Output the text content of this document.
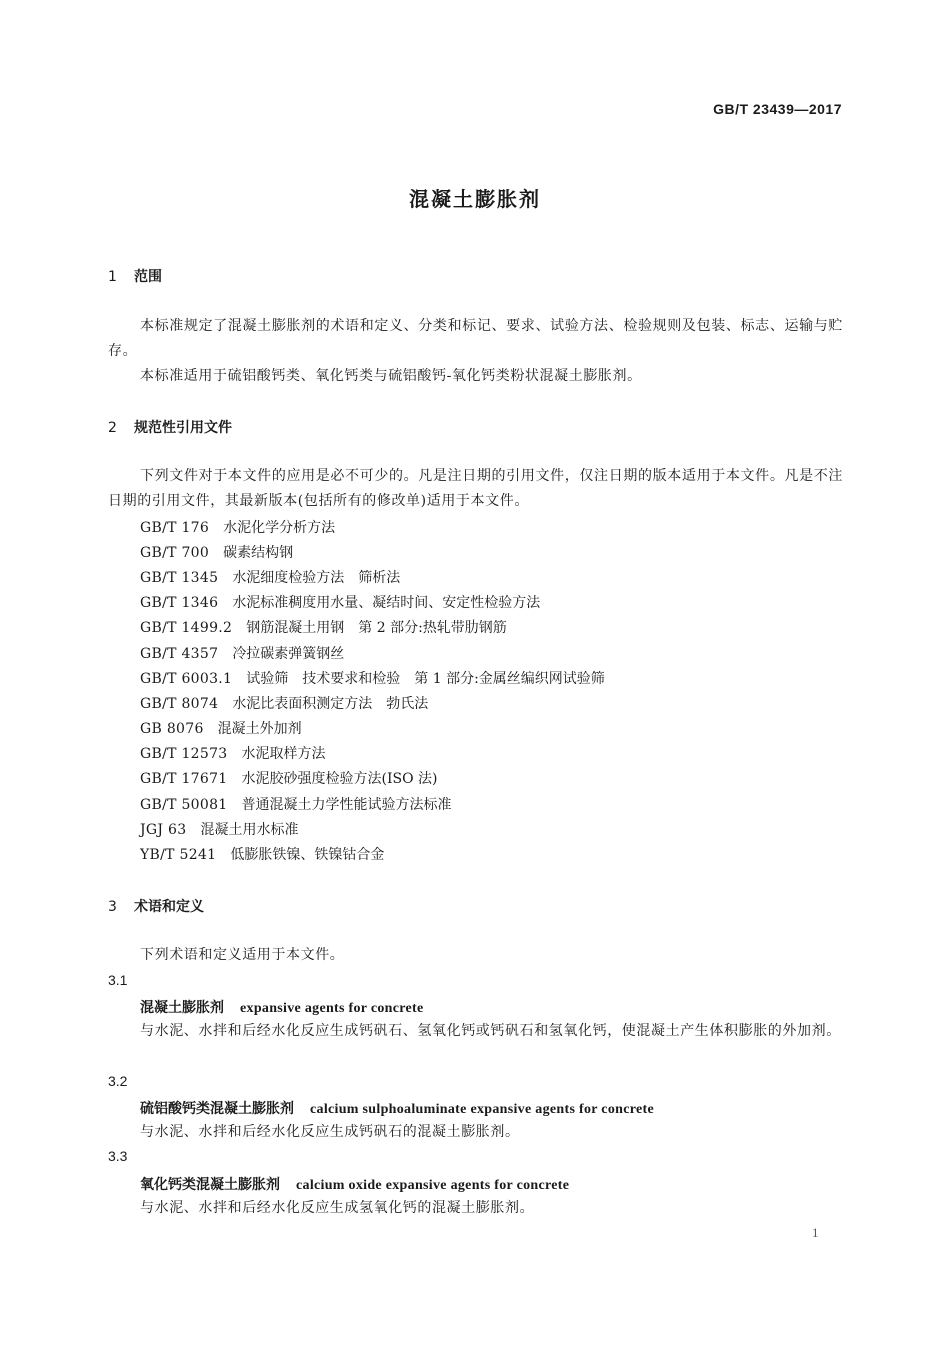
GB/T 23439—2017
混凝土膨胀剂
1 范围
本标准规定了混凝土膨胀剂的术语和定义、分类和标记、要求、试验方法、检验规则及包装、标志、运输与贮存。
本标准适用于硫铝酸钙类、氧化钙类与硫铝酸钙-氧化钙类粉状混凝土膨胀剂。
2 规范性引用文件
下列文件对于本文件的应用是必不可少的。凡是注日期的引用文件，仅注日期的版本适用于本文件。凡是不注日期的引用文件，其最新版本(包括所有的修改单)适用于本文件。
GB/T 176 水泥化学分析方法
GB/T 700 碳素结构钢
GB/T 1345 水泥细度检验方法　筛析法
GB/T 1346 水泥标准稠度用水量、凝结时间、安定性检验方法
GB/T 1499.2 钢筋混凝土用钢　第 2 部分:热轧带肋钢筋
GB/T 4357 冷拉碳素弹簧钢丝
GB/T 6003.1 试验筛　技术要求和检验　第 1 部分:金属丝编织网试验筛
GB/T 8074 水泥比表面积测定方法　勃氏法
GB 8076 混凝土外加剂
GB/T 12573 水泥取样方法
GB/T 17671 水泥胶砂强度检验方法(ISO 法)
GB/T 50081 普通混凝土力学性能试验方法标准
JGJ 63 混凝土用水标准
YB/T 5241 低膨胀铁镍、铁镍钴合金
3 术语和定义
下列术语和定义适用于本文件。
3.1
混凝土膨胀剂 expansive agents for concrete
与水泥、水拌和后经水化反应生成钙矾石、氢氧化钙或钙矾石和氢氧化钙，使混凝土产生体积膨胀的外加剂。
3.2
硫铝酸钙类混凝土膨胀剂 calcium sulphoaluminate expansive agents for concrete
与水泥、水拌和后经水化反应生成钙矾石的混凝土膨胀剂。
3.3
氧化钙类混凝土膨胀剂 calcium oxide expansive agents for concrete
与水泥、水拌和后经水化反应生成氢氧化钙的混凝土膨胀剂。
1
